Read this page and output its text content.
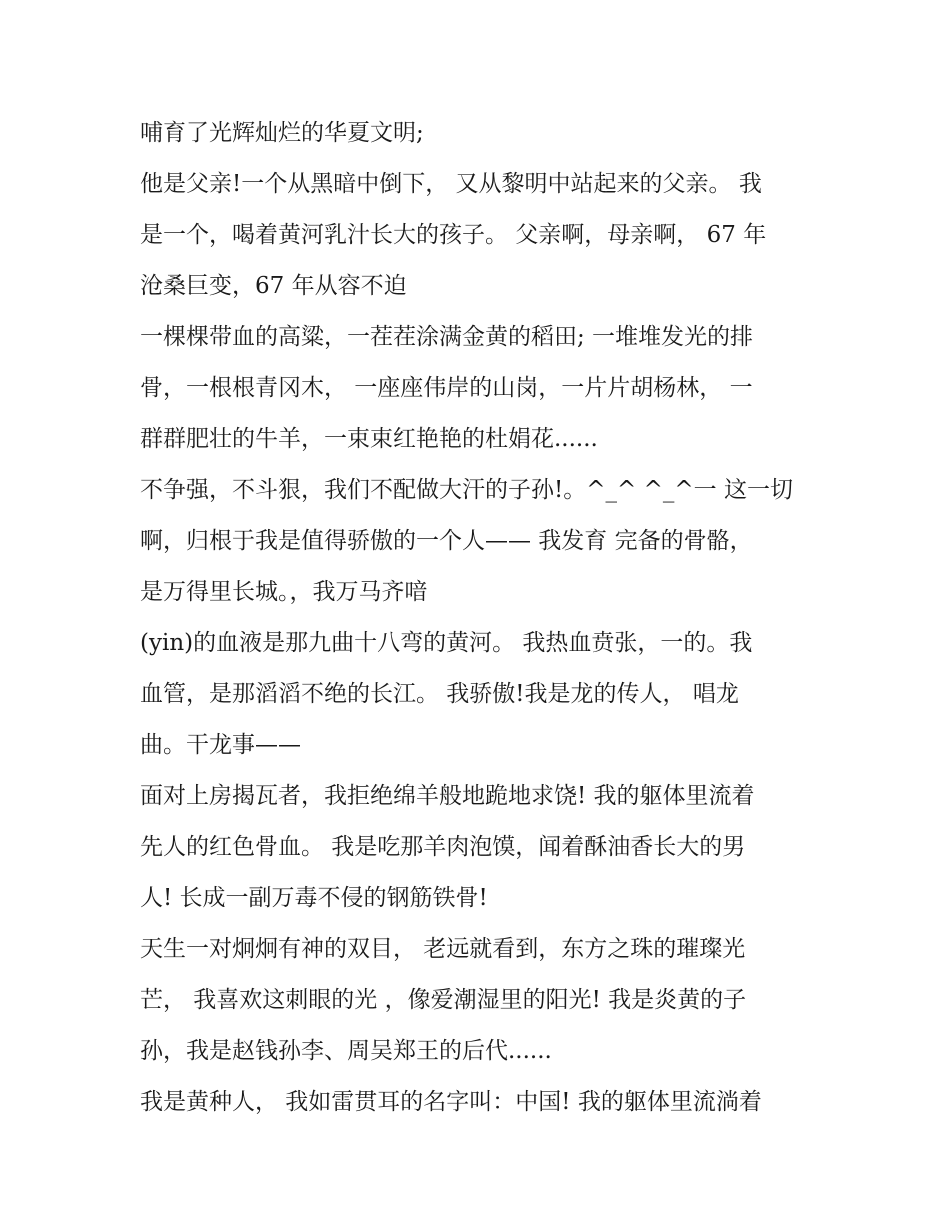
哺育了光辉灿烂的华夏文明;
他是父亲!一个从黑暗中倒下， 又从黎明中站起来的父亲。 我
是一个，喝着黄河乳汁长大的孩子。 父亲啊，母亲啊， 67 年
沧桑巨变，67 年从容不迫
一棵棵带血的高粱，一茬茬涂满金黄的稻田; 一堆堆发光的排
骨，一根根青冈木， 一座座伟岸的山岗，一片片胡杨林， 一
群群肥壮的牛羊，一束束红艳艳的杜娟花......
不争强，不斗狠，我们不配做大汗的子孙!。^_^ ^_^一 这一切
啊，归根于我是值得骄傲的一个人—— 我发育 完备的骨骼，
是万得里长城。，我万马齐喑
(yin)的血液是那九曲十八弯的黄河。 我热血贲张，一的。我
血管，是那滔滔不绝的长江。 我骄傲!我是龙的传人， 唱龙
曲。干龙事——
面对上房揭瓦者，我拒绝绵羊般地跪地求饶! 我的躯体里流着
先人的红色骨血。 我是吃那羊肉泡馍，闻着酥油香长大的男
人! 长成一副万毒不侵的钢筋铁骨!
天生一对炯炯有神的双目， 老远就看到，东方之珠的璀璨光
芒， 我喜欢这刺眼的光 ，像爱潮湿里的阳光! 我是炎黄的子
孙，我是赵钱孙李、周吴郑王的后代......
我是黄种人， 我如雷贯耳的名字叫：中国! 我的躯体里流淌着
